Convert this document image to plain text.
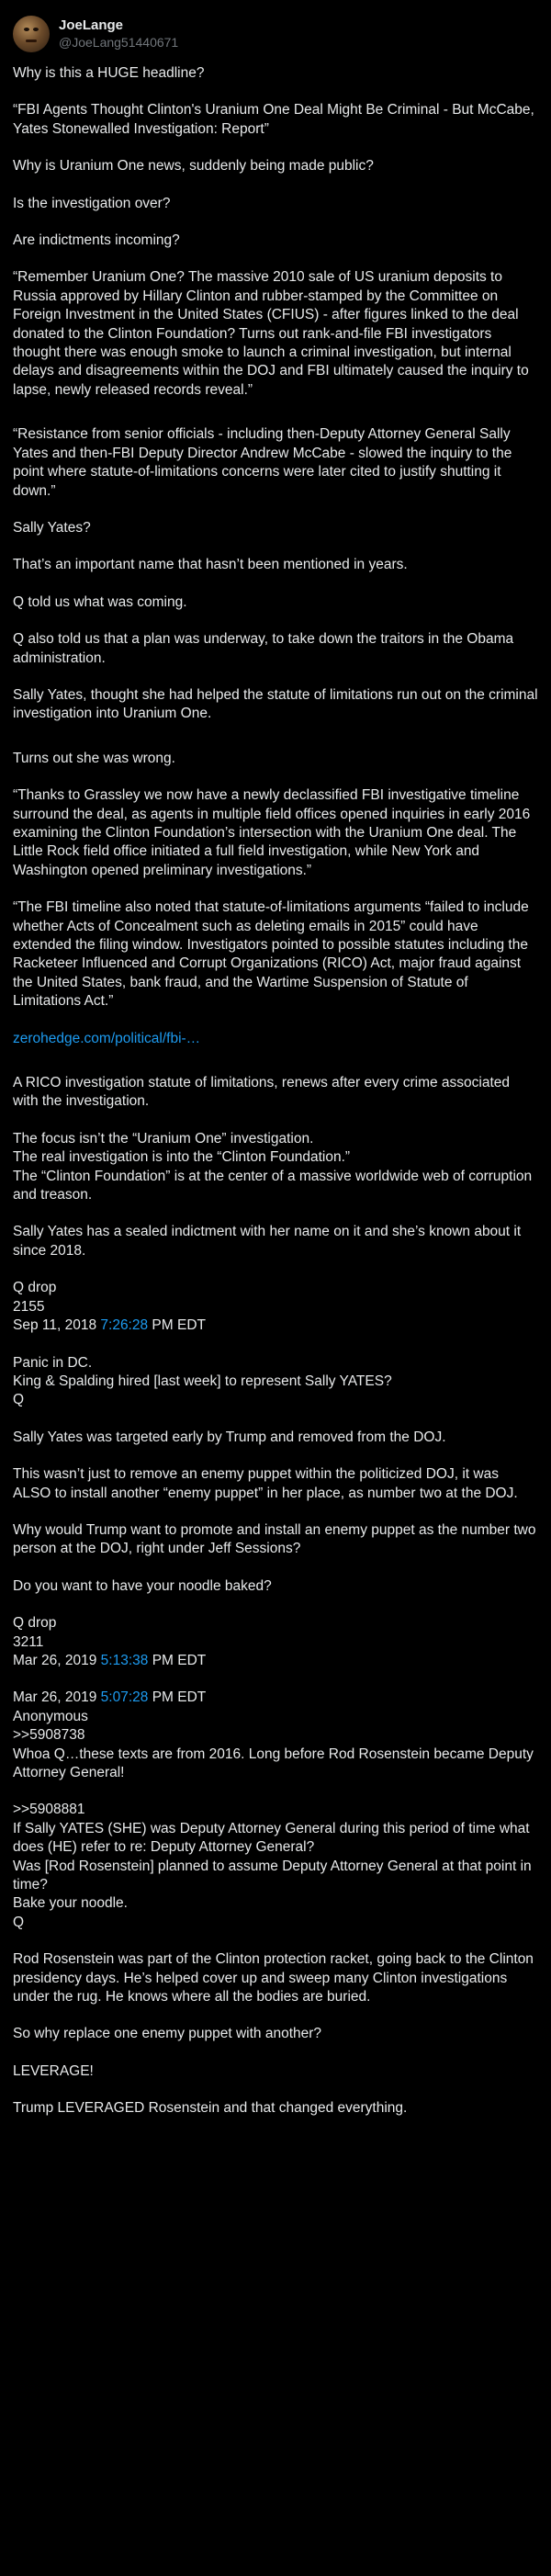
JoeLange
@JoeLang51440671

Why is this a HUGE headline?

“FBI Agents Thought Clinton's Uranium One Deal Might Be Criminal - But McCabe, Yates Stonewalled Investigation: Report”

Why is Uranium One news, suddenly being made public?

Is the investigation over?

Are indictments incoming?

“Remember Uranium One? The massive 2010 sale of US uranium deposits to Russia approved by Hillary Clinton and rubber-stamped by the Committee on Foreign Investment in the United States (CFIUS) - after figures linked to the deal donated to the Clinton Foundation? Turns out rank-and-file FBI investigators thought there was enough smoke to launch a criminal investigation, but internal delays and disagreements within the DOJ and FBI ultimately caused the inquiry to lapse, newly released records reveal.”

“Resistance from senior officials - including then-Deputy Attorney General Sally Yates and then-FBI Deputy Director Andrew McCabe - slowed the inquiry to the point where statute-of-limitations concerns were later cited to justify shutting it down.”

Sally Yates?

That’s an important name that hasn’t been mentioned in years.

Q told us what was coming.

Q also told us that a plan was underway, to take down the traitors in the Obama administration.

Sally Yates, thought she had helped the statute of limitations run out on the criminal investigation into Uranium One.

Turns out she was wrong.

“Thanks to Grassley we now have a newly declassified FBI investigative timeline surround the deal, as agents in multiple field offices opened inquiries in early 2016 examining the Clinton Foundation’s intersection with the Uranium One deal. The Little Rock field office initiated a full field investigation, while New York and Washington opened preliminary investigations.”

“The FBI timeline also noted that statute-of-limitations arguments “failed to include whether Acts of Concealment such as deleting emails in 2015” could have extended the filing window. Investigators pointed to possible statutes including the Racketeer Influenced and Corrupt Organizations (RICO) Act, major fraud against the United States, bank fraud, and the Wartime Suspension of Statute of Limitations Act.”

zerohedge.com/political/fbi-…

A RICO investigation statute of limitations, renews after every crime associated with the investigation.

The focus isn’t the “Uranium One” investigation.

The real investigation is into the “Clinton Foundation.”

The “Clinton Foundation” is at the center of a massive worldwide web of corruption and treason.

Sally Yates has a sealed indictment with her name on it and she’s known about it since 2018.

Q drop

2155

Sep 11, 2018 7:26:28 PM EDT

Panic in DC.

King & Spalding hired [last week] to represent Sally YATES?

Q

Sally Yates was targeted early by Trump and removed from the DOJ.

This wasn’t just to remove an enemy puppet within the politicized DOJ, it was ALSO to install another “enemy puppet” in her place, as number two at the DOJ.

Why would Trump want to promote and install an enemy puppet as the number two person at the DOJ, right under Jeff Sessions?

Do you want to have your noodle baked?

Q drop

3211

Mar 26, 2019 5:13:38 PM EDT

Mar 26, 2019 5:07:28 PM EDT

Anonymous

>>5908738

Whoa Q…these texts are from 2016. Long before Rod Rosenstein became Deputy Attorney General!

>>5908881

If Sally YATES (SHE) was Deputy Attorney General during this period of time what does (HE) refer to re: Deputy Attorney General?

Was [Rod Rosenstein] planned to assume Deputy Attorney General at that point in time?

Bake your noodle.

Q

Rod Rosenstein was part of the Clinton protection racket, going back to the Clinton presidency days. He’s helped cover up and sweep many Clinton investigations under the rug. He knows where all the bodies are buried.

So why replace one enemy puppet with another?

LEVERAGE!

Trump LEVERAGED Rosenstein and that changed everything.
